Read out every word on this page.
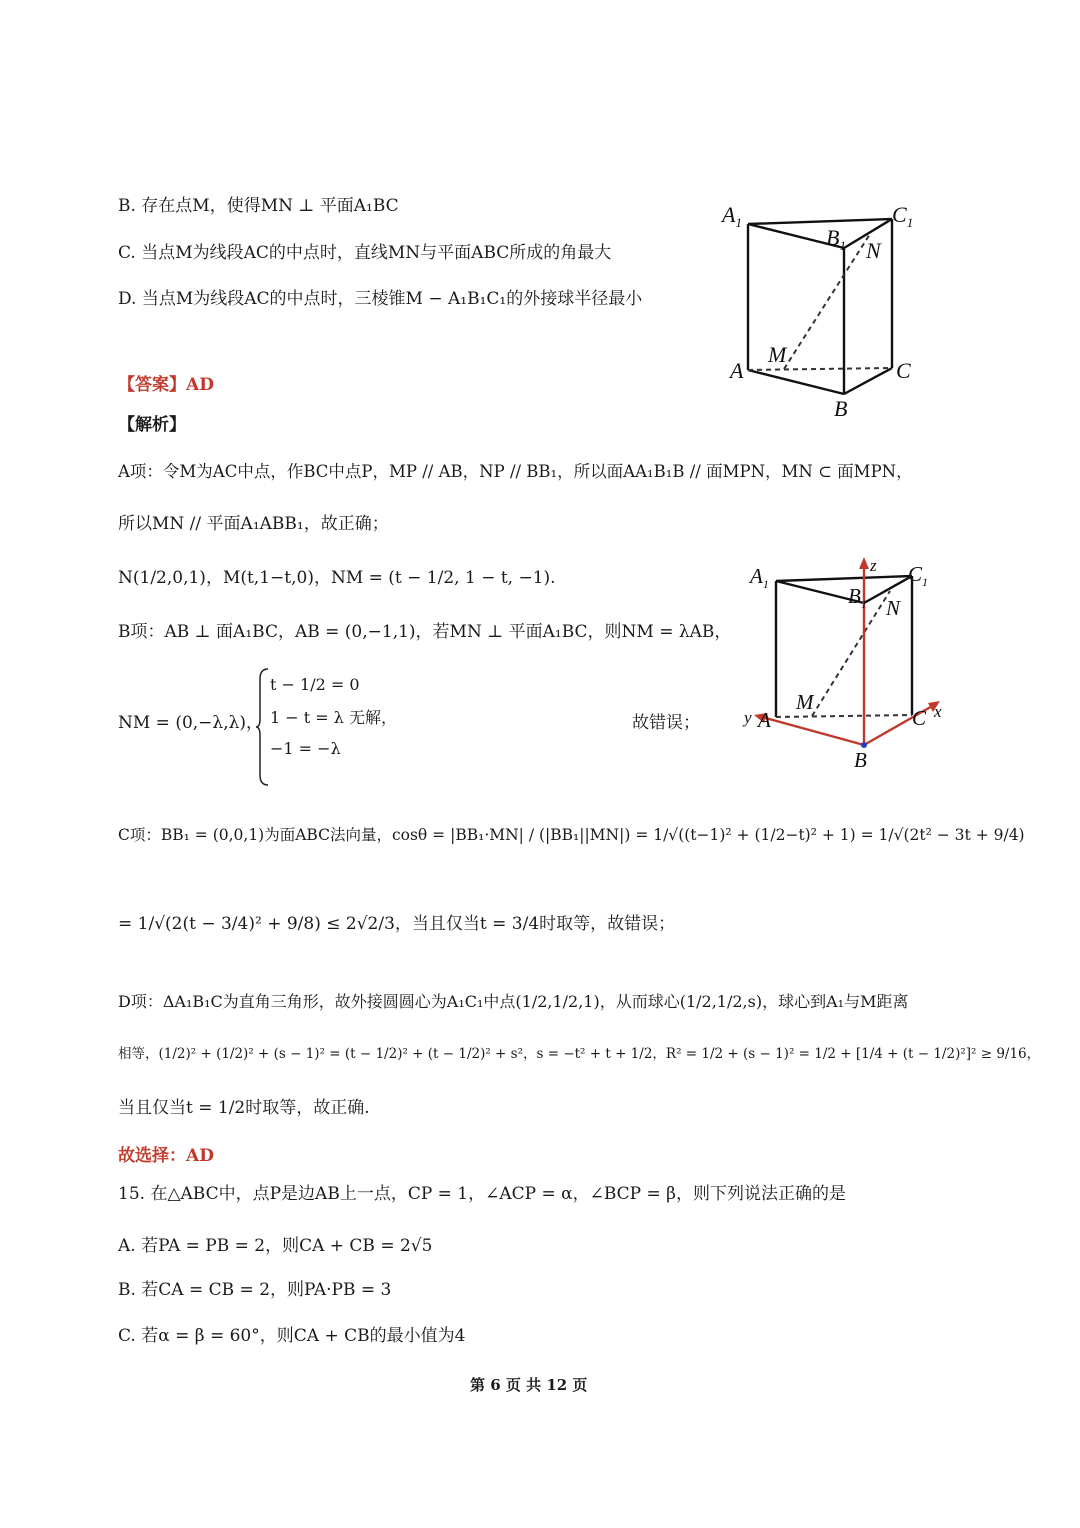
B. 存在点M，使得MN ⊥ 平面A₁BC
C. 当点M为线段AC的中点时，直线MN与平面ABC所成的角最大
D. 当点M为线段AC的中点时，三棱锥M − A₁B₁C₁的外接球半径最小
$A_1$	$C_1$
$B_1$ N
M
A	C
B
【答案】AD
【解析】
A项：令M为AC中点，作BC中点P，MP // AB，NP // BB₁，所以面AA₁B₁B // 面MPN，MN ⊂ 面MPN，
所以MN // 平面A₁ABB₁，故正确；
N(1/2,0,1)，M(t,1−t,0)，NM = (t − 1/2, 1 − t, −1).
z
$A_1$	$C_1$
$B_1$ N
M
y A	C x
B
B项：AB ⊥ 面A₁BC，AB = (0,−1,1)，若MN ⊥ 平面A₁BC，则NM = λAB，
NM = (0,−λ,λ)，
t − 1/2 = 0
1 − t = λ 无解，
−1 = −λ
故错误；
C项：BB₁ = (0,0,1)为面ABC法向量，cosθ = |BB₁·MN| / (|BB₁||MN|) = 1/√((t−1)² + (1/2−t)² + 1) = 1/√(2t² − 3t + 9/4)
= 1/√(2(t − 3/4)² + 9/8) ≤ 2√2/3，当且仅当t = 3/4时取等，故错误；
D项：ΔA₁B₁C为直角三角形，故外接圆圆心为A₁C₁中点(1/2,1/2,1)，从而球心(1/2,1/2,s)，球心到A₁与M距离
相等，(1/2)² + (1/2)² + (s − 1)² = (t − 1/2)² + (t − 1/2)² + s²，s = −t² + t + 1/2，R² = 1/2 + (s − 1)² = 1/2 + [1/4 + (t − 1/2)²]² ≥ 9/16，
当且仅当t = 1/2时取等，故正确.
故选择：AD
15. 在△ABC中，点P是边AB上一点，CP = 1，∠ACP = α，∠BCP = β，则下列说法正确的是
A. 若PA = PB = 2，则CA + CB = 2√5
B. 若CA = CB = 2，则PA·PB = 3
C. 若α = β = 60°，则CA + CB的最小值为4
第 6 页 共 12 页
